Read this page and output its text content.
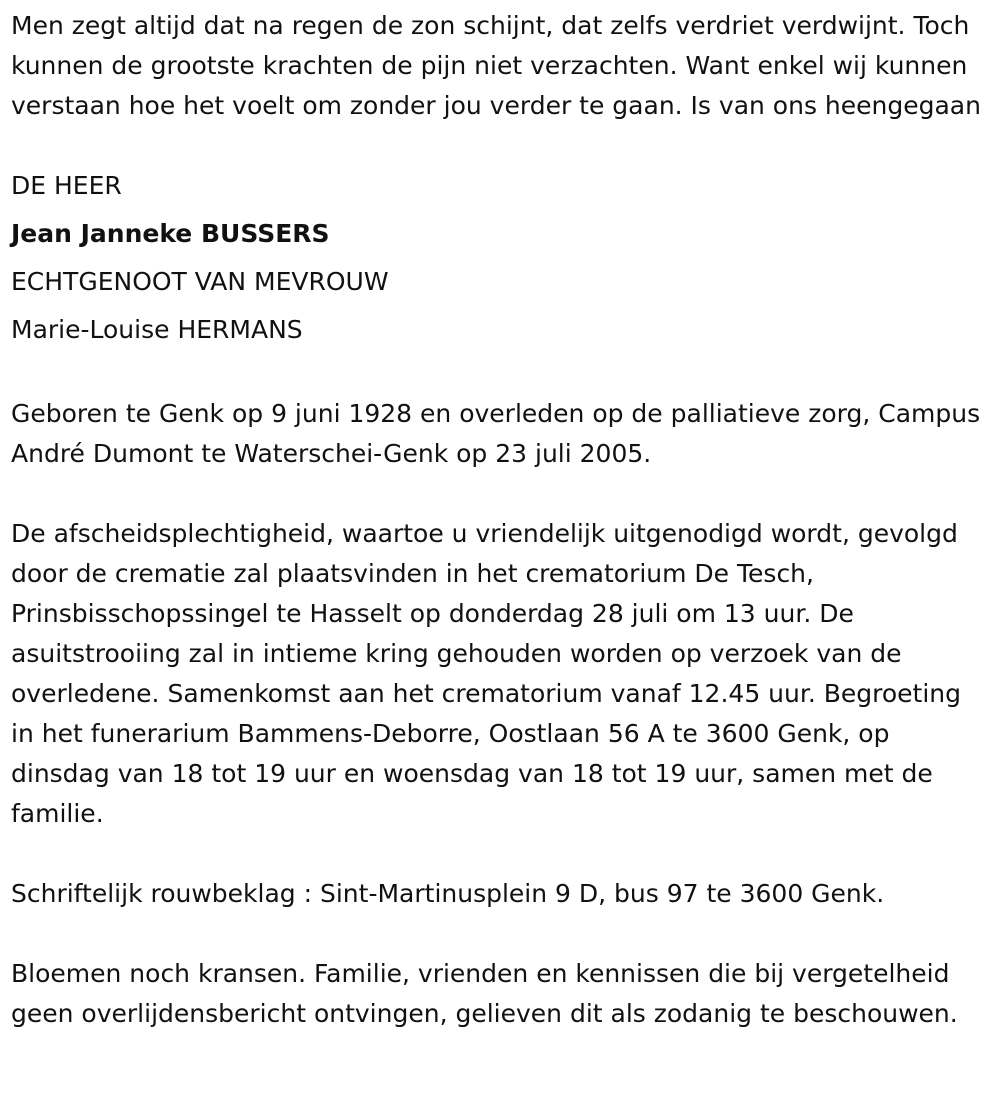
Men zegt altijd dat na regen de zon schijnt, dat zelfs verdriet verdwijnt. Toch kunnen de grootste krachten de pijn niet verzachten. Want enkel wij kunnen verstaan hoe het voelt om zonder jou verder te gaan. Is van ons heengegaan

DE HEER

Jean Janneke BUSSERS

ECHTGENOOT VAN MEVROUW

Marie-Louise HERMANS

Geboren te Genk op 9 juni 1928 en overleden op de palliatieve zorg, Campus André Dumont te Waterschei-Genk op 23 juli 2005.

De afscheidsplechtigheid, waartoe u vriendelijk uitgenodigd wordt, gevolgd door de crematie zal plaatsvinden in het crematorium De Tesch, Prinsbisschopssingel te Hasselt op donderdag 28 juli om 13 uur. De asuitstrooiing zal in intieme kring gehouden worden op verzoek van de overledene. Samenkomst aan het crematorium vanaf 12.45 uur. Begroeting in het funerarium Bammens-Deborre, Oostlaan 56 A te 3600 Genk, op dinsdag van 18 tot 19 uur en woensdag van 18 tot 19 uur, samen met de familie.

Schriftelijk rouwbeklag : Sint-Martinusplein 9 D, bus 97 te 3600 Genk.

Bloemen noch kransen. Familie, vrienden en kennissen die bij vergetelheid geen overlijdensbericht ontvingen, gelieven dit als zodanig te beschouwen.
